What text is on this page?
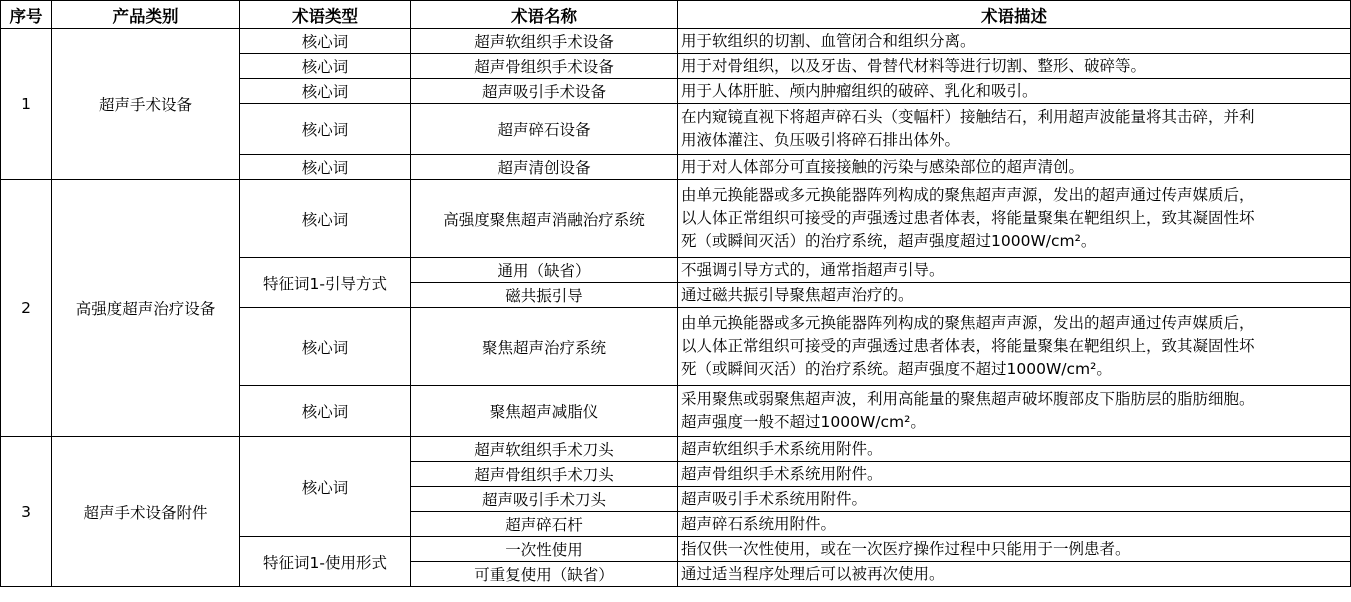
序号	产品类别	术语类型	术语名称	术语描述
1	超声手术设备	核心词	超声软组织手术设备	用于软组织的切割、血管闭合和组织分离。
		核心词	超声骨组织手术设备	用于对骨组织，以及牙齿、骨替代材料等进行切割、整形、破碎等。
		核心词	超声吸引手术设备	用于人体肝脏、颅内肿瘤组织的破碎、乳化和吸引。
		核心词	超声碎石设备	在内窥镜直视下将超声碎石头（变幅杆）接触结石，利用超声波能量将其击碎，并利
用液体灌注、负压吸引将碎石排出体外。

		核心词	超声清创设备	用于对人体部分可直接接触的污染与感染部位的超声清创。

2	高强度超声治疗设备	核心词	高强度聚焦超声消融治疗系统	由单元换能器或多元换能器阵列构成的聚焦超声声源，发出的超声通过传声媒质后，
以人体正常组织可接受的声强透过患者体表，将能量聚集在靶组织上，致其凝固性坏
死（或瞬间灭活）的治疗系统，超声强度超过1000W/cm²。

		特征词1-引导方式	通用（缺省）	不强调引导方式的，通常指超声引导。
			磁共振引导	通过磁共振引导聚焦超声治疗的。
		核心词	聚焦超声治疗系统	由单元换能器或多元换能器阵列构成的聚焦超声声源，发出的超声通过传声媒质后，
以人体正常组织可接受的声强透过患者体表，将能量聚集在靶组织上，致其凝固性坏
死（或瞬间灭活）的治疗系统。超声强度不超过1000W/cm²。

		核心词	聚焦超声减脂仪	采用聚焦或弱聚焦超声波，利用高能量的聚焦超声破坏腹部皮下脂肪层的脂肪细胞。
超声强度一般不超过1000W/cm²。

3	超声手术设备附件	核心词	超声软组织手术刀头	超声软组织手术系统用附件。
			超声骨组织手术刀头	超声骨组织手术系统用附件。
			超声吸引手术刀头	超声吸引手术系统用附件。
			超声碎石杆	超声碎石系统用附件。
		特征词1-使用形式	一次性使用	指仅供一次性使用，或在一次医疗操作过程中只能用于一例患者。
			可重复使用（缺省）	通过适当程序处理后可以被再次使用。
